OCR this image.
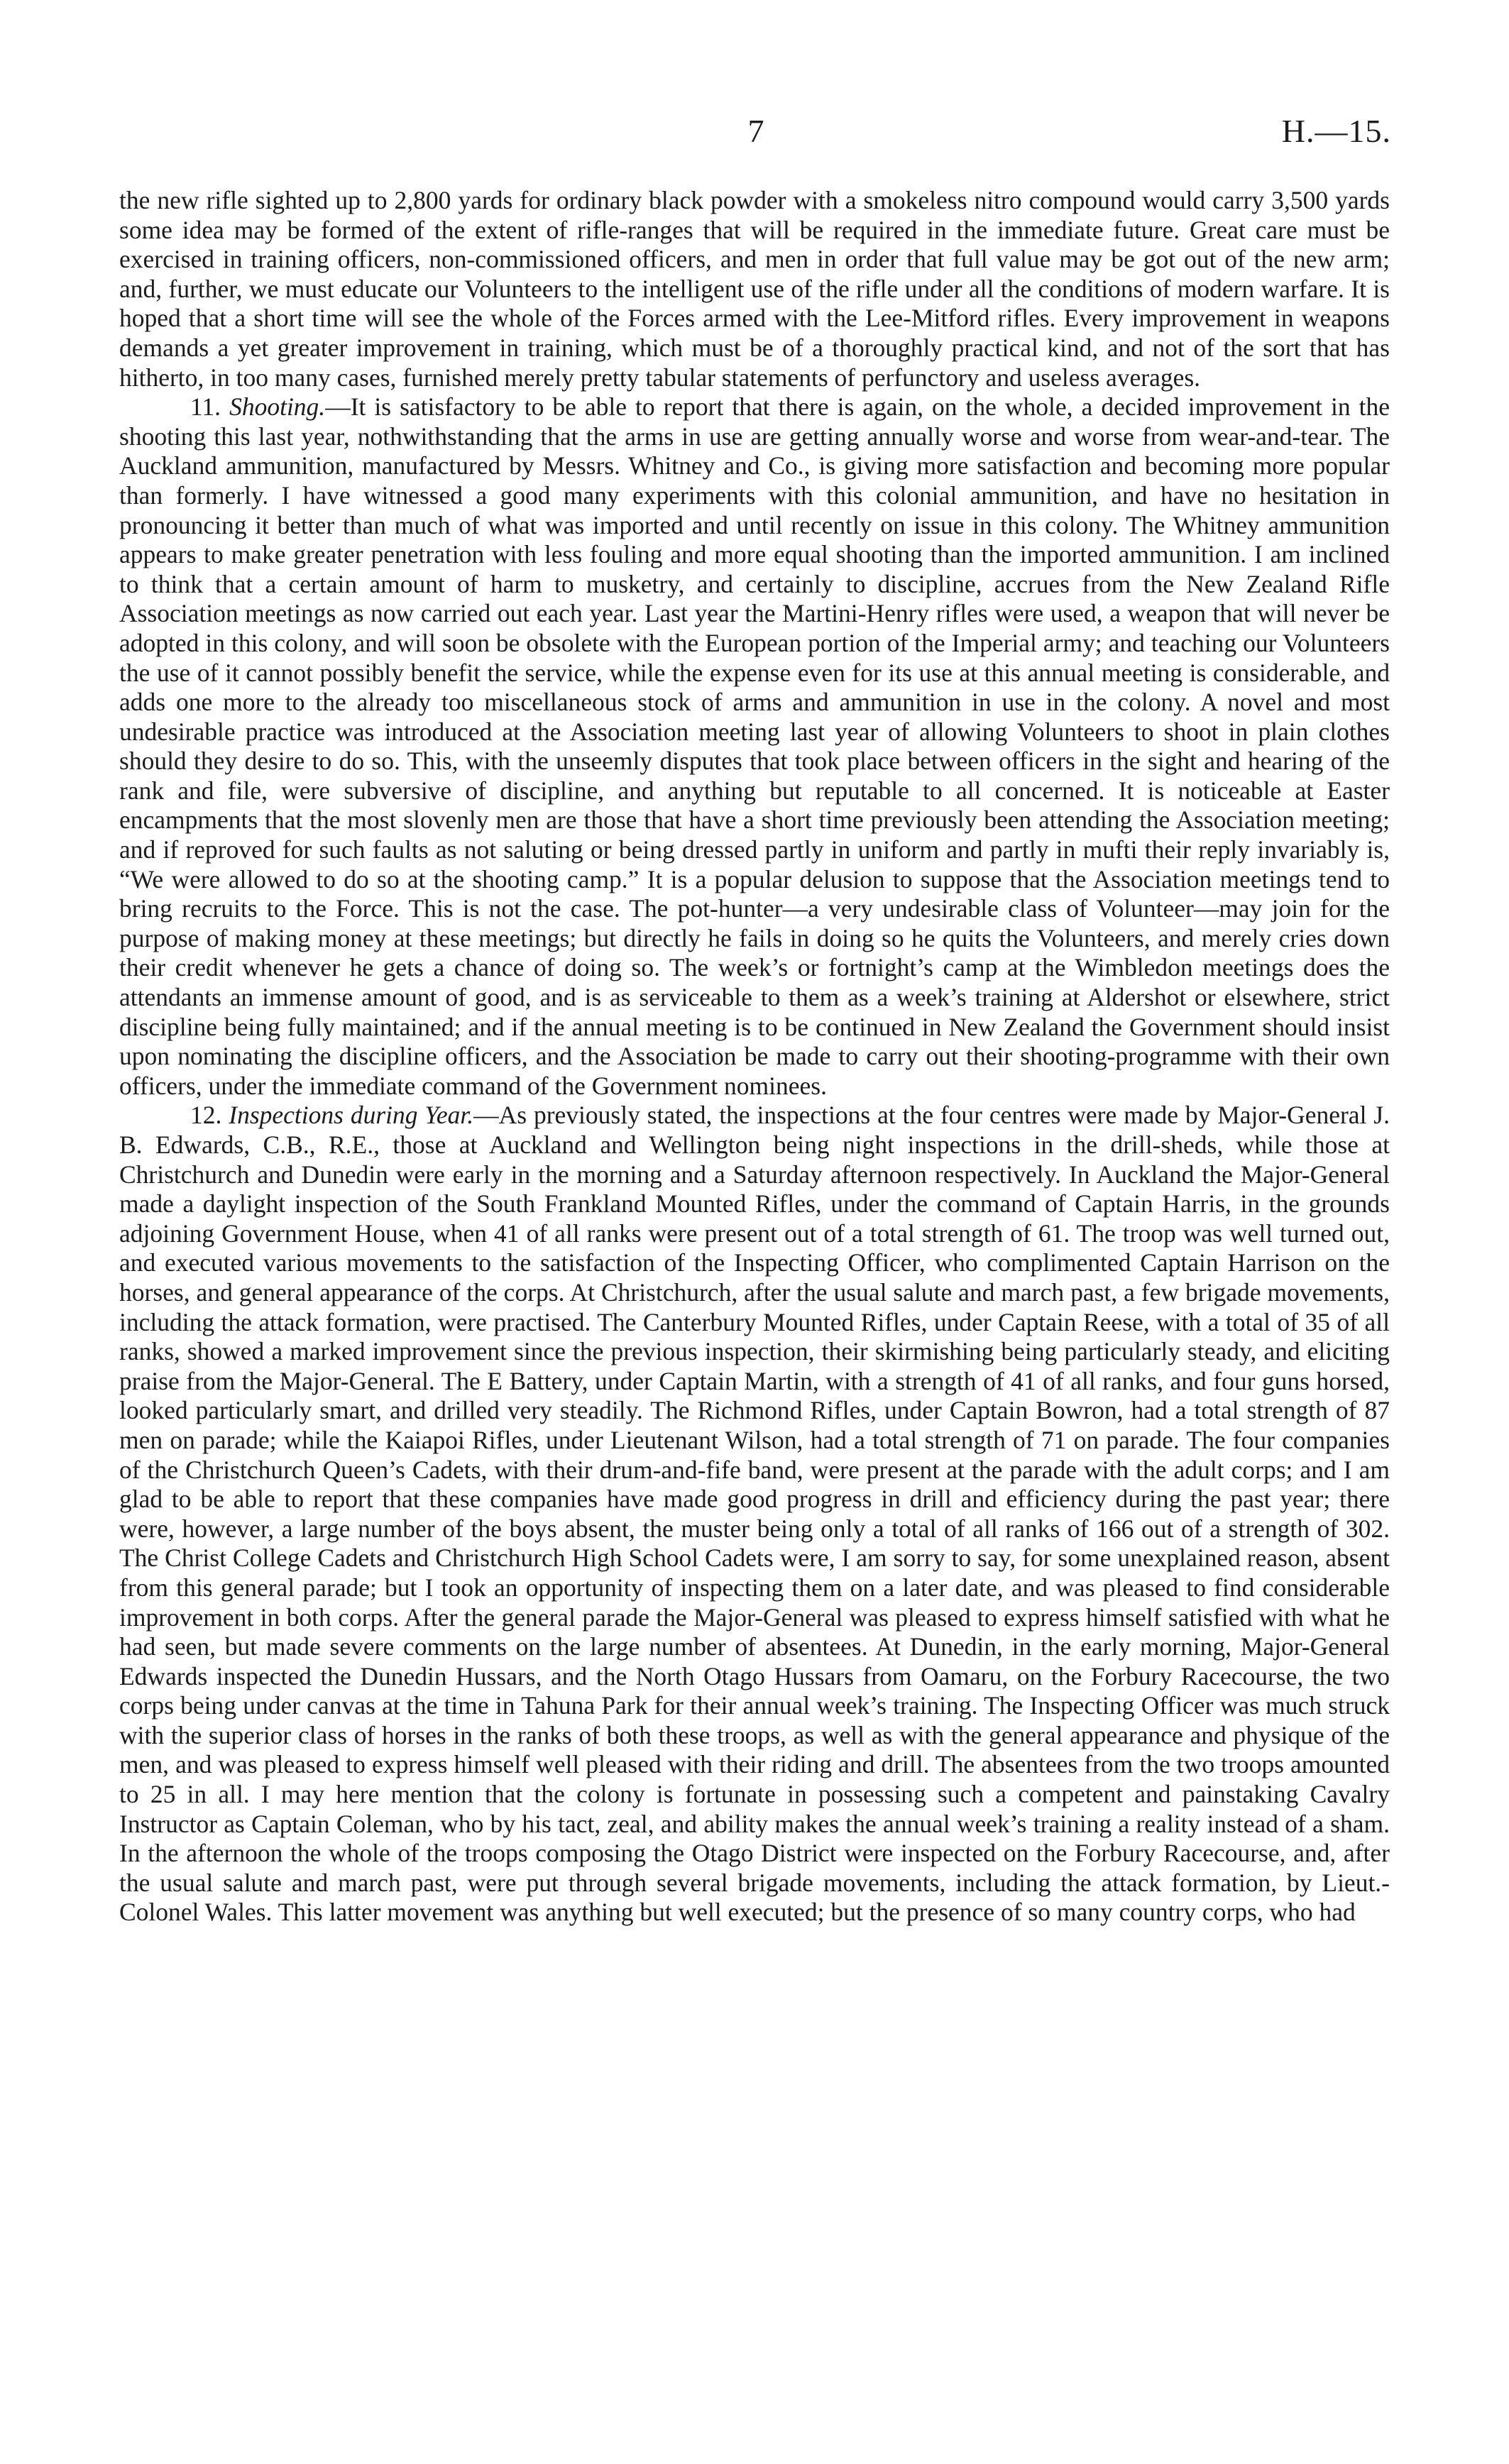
7	H.—15.

the new rifle sighted up to 2,800 yards for ordinary black powder with a smokeless nitro compound would carry 3,500 yards some idea may be formed of the extent of rifle-ranges that will be required in the immediate future. Great care must be exercised in training officers, non-commissioned officers, and men in order that full value may be got out of the new arm; and, further, we must educate our Volunteers to the intelligent use of the rifle under all the conditions of modern warfare. It is hoped that a short time will see the whole of the Forces armed with the Lee-Mitford rifles. Every improvement in weapons demands a yet greater improvement in training, which must be of a thoroughly practical kind, and not of the sort that has hitherto, in too many cases, furnished merely pretty tabular statements of perfunctory and useless averages.

11. Shooting.—It is satisfactory to be able to report that there is again, on the whole, a decided improvement in the shooting this last year, nothwithstanding that the arms in use are getting annually worse and worse from wear-and-tear. The Auckland ammunition, manufactured by Messrs. Whitney and Co., is giving more satisfaction and becoming more popular than formerly. I have witnessed a good many experiments with this colonial ammunition, and have no hesitation in pronouncing it better than much of what was imported and until recently on issue in this colony. The Whitney ammunition appears to make greater penetration with less fouling and more equal shooting than the imported ammunition. I am inclined to think that a certain amount of harm to musketry, and certainly to discipline, accrues from the New Zealand Rifle Association meetings as now carried out each year. Last year the Martini-Henry rifles were used, a weapon that will never be adopted in this colony, and will soon be obsolete with the European portion of the Imperial army; and teaching our Volunteers the use of it cannot possibly benefit the service, while the expense even for its use at this annual meeting is considerable, and adds one more to the already too miscellaneous stock of arms and ammunition in use in the colony. A novel and most undesirable practice was introduced at the Association meeting last year of allowing Volunteers to shoot in plain clothes should they desire to do so. This, with the unseemly disputes that took place between officers in the sight and hearing of the rank and file, were subversive of discipline, and anything but reputable to all concerned. It is noticeable at Easter encampments that the most slovenly men are those that have a short time previously been attending the Association meeting; and if reproved for such faults as not saluting or being dressed partly in uniform and partly in mufti their reply invariably is, “We were allowed to do so at the shooting camp.” It is a popular delusion to suppose that the Association meetings tend to bring recruits to the Force. This is not the case. The pot-hunter—a very undesirable class of Volunteer—may join for the purpose of making money at these meetings; but directly he fails in doing so he quits the Volunteers, and merely cries down their credit whenever he gets a chance of doing so. The week’s or fortnight’s camp at the Wimbledon meetings does the attendants an immense amount of good, and is as serviceable to them as a week’s training at Aldershot or elsewhere, strict discipline being fully maintained; and if the annual meeting is to be continued in New Zealand the Government should insist upon nominating the discipline officers, and the Association be made to carry out their shooting-programme with their own officers, under the immediate command of the Government nominees.

12. Inspections during Year.—As previously stated, the inspections at the four centres were made by Major-General J. B. Edwards, C.B., R.E., those at Auckland and Wellington being night inspections in the drill-sheds, while those at Christchurch and Dunedin were early in the morning and a Saturday afternoon respectively. In Auckland the Major-General made a daylight inspection of the South Frankland Mounted Rifles, under the command of Captain Harris, in the grounds adjoining Government House, when 41 of all ranks were present out of a total strength of 61. The troop was well turned out, and executed various movements to the satisfaction of the Inspecting Officer, who complimented Captain Harrison on the horses, and general appearance of the corps. At Christchurch, after the usual salute and march past, a few brigade movements, including the attack formation, were practised. The Canterbury Mounted Rifles, under Captain Reese, with a total of 35 of all ranks, showed a marked improvement since the previous inspection, their skirmishing being particularly steady, and eliciting praise from the Major-General. The E Battery, under Captain Martin, with a strength of 41 of all ranks, and four guns horsed, looked particularly smart, and drilled very steadily. The Richmond Rifles, under Captain Bowron, had a total strength of 87 men on parade; while the Kaiapoi Rifles, under Lieutenant Wilson, had a total strength of 71 on parade. The four companies of the Christchurch Queen’s Cadets, with their drum-and-fife band, were present at the parade with the adult corps; and I am glad to be able to report that these companies have made good progress in drill and efficiency during the past year; there were, however, a large number of the boys absent, the muster being only a total of all ranks of 166 out of a strength of 302. The Christ College Cadets and Christchurch High School Cadets were, I am sorry to say, for some unexplained reason, absent from this general parade; but I took an opportunity of inspecting them on a later date, and was pleased to find considerable improvement in both corps. After the general parade the Major-General was pleased to express himself satisfied with what he had seen, but made severe comments on the large number of absentees. At Dunedin, in the early morning, Major-General Edwards inspected the Dunedin Hussars, and the North Otago Hussars from Oamaru, on the Forbury Racecourse, the two corps being under canvas at the time in Tahuna Park for their annual week’s training. The Inspecting Officer was much struck with the superior class of horses in the ranks of both these troops, as well as with the general appearance and physique of the men, and was pleased to express himself well pleased with their riding and drill. The absentees from the two troops amounted to 25 in all. I may here mention that the colony is fortunate in possessing such a competent and painstaking Cavalry Instructor as Captain Coleman, who by his tact, zeal, and ability makes the annual week’s training a reality instead of a sham. In the afternoon the whole of the troops composing the Otago District were inspected on the Forbury Racecourse, and, after the usual salute and march past, were put through several brigade movements, including the attack formation, by Lieut.-Colonel Wales. This latter movement was anything but well executed; but the presence of so many country corps, who had
